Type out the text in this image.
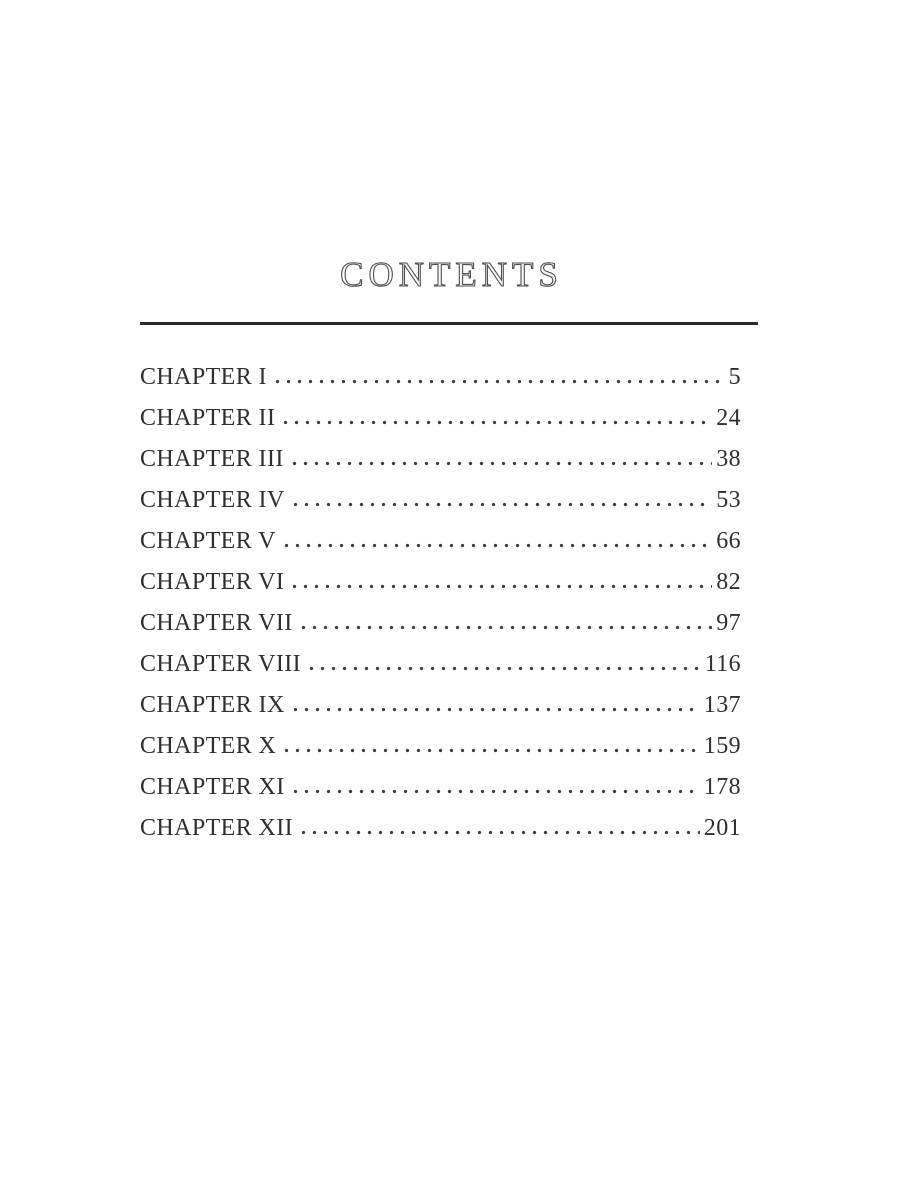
CONTENTS
CHAPTER I	5
CHAPTER II	24
CHAPTER III	38
CHAPTER IV	53
CHAPTER V	66
CHAPTER VI	82
CHAPTER VII	97
CHAPTER VIII	116
CHAPTER IX	137
CHAPTER X	159
CHAPTER XI	178
CHAPTER XII	201
